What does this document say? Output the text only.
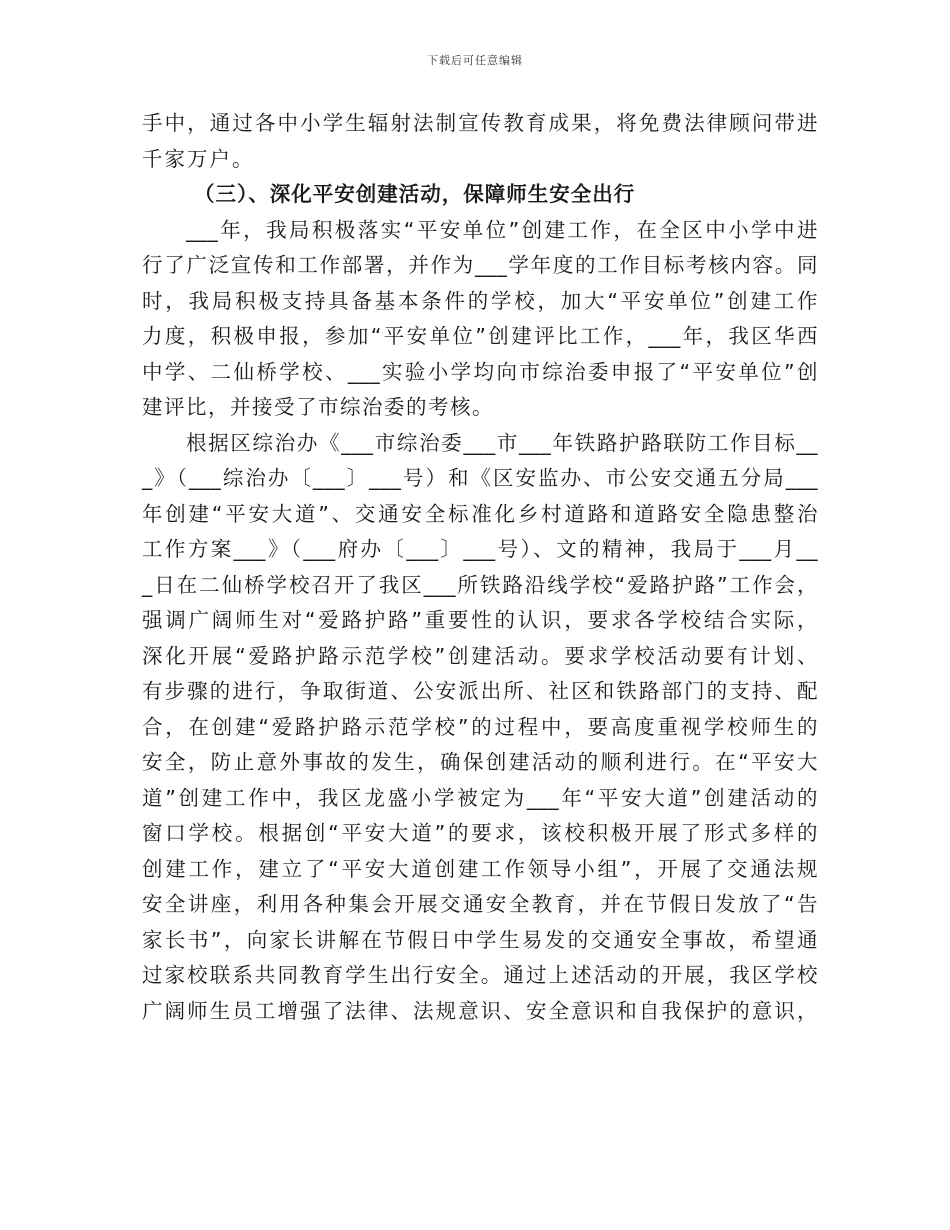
下载后可任意编辑
手中，通过各中小学生辐射法制宣传教育成果，将免费法律顾问带进
千家万户。
（三）、深化平安创建活动，保障师生安全出行
___年，我局积极落实“平安单位”创建工作，在全区中小学中进
行了广泛宣传和工作部署，并作为___学年度的工作目标考核内容。同
时，我局积极支持具备基本条件的学校，加大“平安单位”创建工作
力度，积极申报，参加“平安单位”创建评比工作，___年，我区华西
中学、二仙桥学校、___实验小学均向市综治委申报了“平安单位”创
建评比，并接受了市综治委的考核。
根据区综治办《___市综治委___市___年铁路护路联防工作目标__
_》（___综治办〔___〕___号）和《区安监办、市公安交通五分局___
年创建“平安大道”、交通安全标准化乡村道路和道路安全隐患整治
工作方案___》（___府办〔___〕___号）、文的精神，我局于___月__
_日在二仙桥学校召开了我区___所铁路沿线学校“爱路护路”工作会，
强调广阔师生对“爱路护路”重要性的认识，要求各学校结合实际，
深化开展“爱路护路示范学校”创建活动。要求学校活动要有计划、
有步骤的进行，争取街道、公安派出所、社区和铁路部门的支持、配
合，在创建“爱路护路示范学校”的过程中，要高度重视学校师生的
安全，防止意外事故的发生，确保创建活动的顺利进行。在“平安大
道”创建工作中，我区龙盛小学被定为___年“平安大道”创建活动的
窗口学校。根据创“平安大道”的要求，该校积极开展了形式多样的
创建工作，建立了“平安大道创建工作领导小组”，开展了交通法规
安全讲座，利用各种集会开展交通安全教育，并在节假日发放了“告
家长书”，向家长讲解在节假日中学生易发的交通安全事故，希望通
过家校联系共同教育学生出行安全。通过上述活动的开展，我区学校
广阔师生员工增强了法律、法规意识、安全意识和自我保护的意识，
